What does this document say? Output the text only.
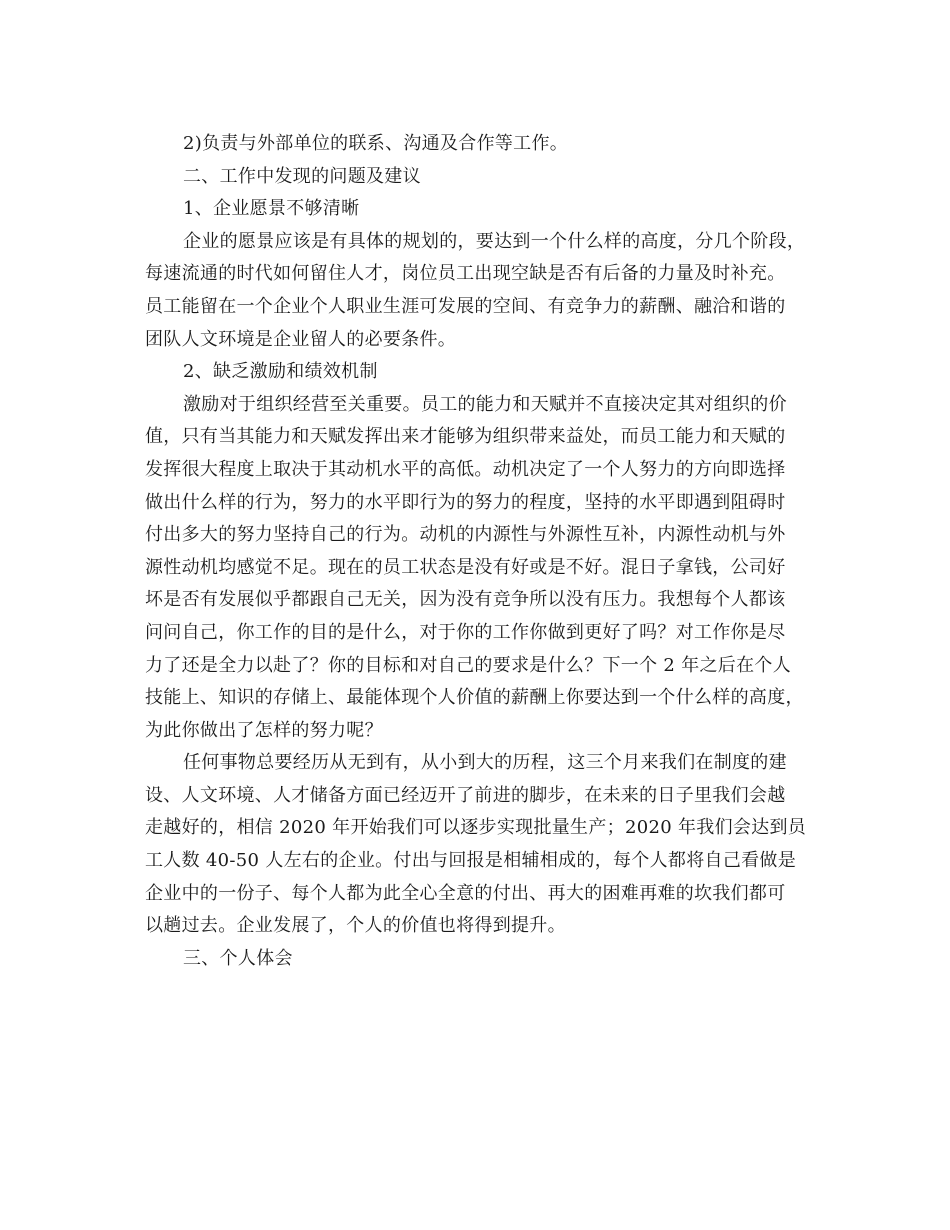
2)负责与外部单位的联系、沟通及合作等工作。
二、工作中发现的问题及建议
1、企业愿景不够清晰
企业的愿景应该是有具体的规划的，要达到一个什么样的高度，分几个阶段，
每速流通的时代如何留住人才，岗位员工出现空缺是否有后备的力量及时补充。
员工能留在一个企业个人职业生涯可发展的空间、有竞争力的薪酬、融洽和谐的
团队人文环境是企业留人的必要条件。
2、缺乏激励和绩效机制
激励对于组织经营至关重要。员工的能力和天赋并不直接决定其对组织的价
值，只有当其能力和天赋发挥出来才能够为组织带来益处，而员工能力和天赋的
发挥很大程度上取决于其动机水平的高低。动机决定了一个人努力的方向即选择
做出什么样的行为，努力的水平即行为的努力的程度，坚持的水平即遇到阻碍时
付出多大的努力坚持自己的行为。动机的内源性与外源性互补，内源性动机与外
源性动机均感觉不足。现在的员工状态是没有好或是不好。混日子拿钱，公司好
坏是否有发展似乎都跟自己无关，因为没有竞争所以没有压力。我想每个人都该
问问自己，你工作的目的是什么，对于你的工作你做到更好了吗？对工作你是尽
力了还是全力以赴了？你的目标和对自己的要求是什么？下一个 2 年之后在个人
技能上、知识的存储上、最能体现个人价值的薪酬上你要达到一个什么样的高度，
为此你做出了怎样的努力呢？
任何事物总要经历从无到有，从小到大的历程，这三个月来我们在制度的建
设、人文环境、人才储备方面已经迈开了前进的脚步，在未来的日子里我们会越
走越好的，相信 2020 年开始我们可以逐步实现批量生产；2020 年我们会达到员
工人数 40-50 人左右的企业。付出与回报是相辅相成的，每个人都将自己看做是
企业中的一份子、每个人都为此全心全意的付出、再大的困难再难的坎我们都可
以趟过去。企业发展了，个人的价值也将得到提升。
三、个人体会
